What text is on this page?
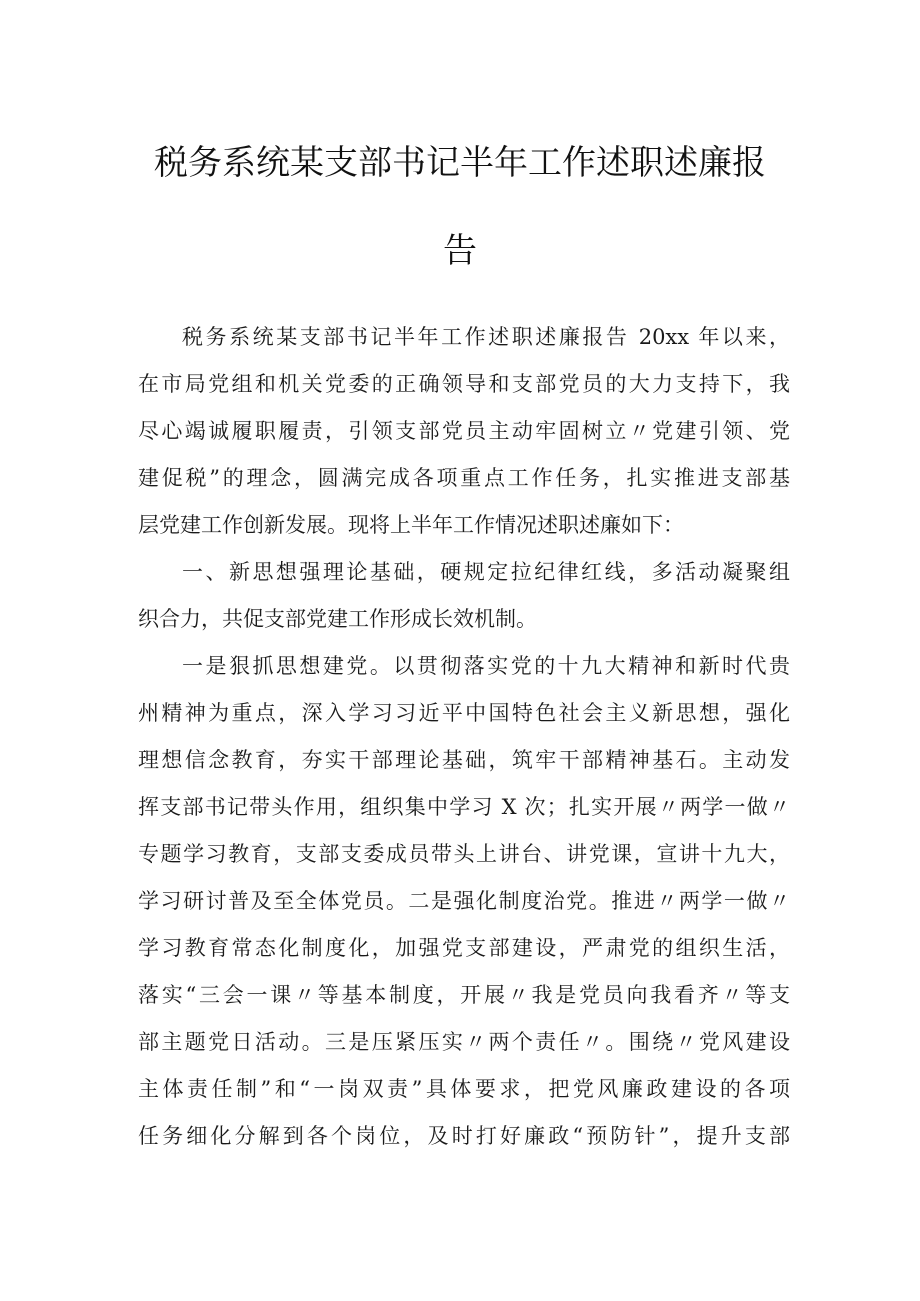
税务系统某支部书记半年工作述职述廉报
告
税务系统某支部书记半年工作述职述廉报告 20xx 年以来，
在市局党组和机关党委的正确领导和支部党员的大力支持下，我
尽心竭诚履职履责，引领支部党员主动牢固树立〃党建引领、党
建促税”的理念，圆满完成各项重点工作任务，扎实推进支部基
层党建工作创新发展。现将上半年工作情况述职述廉如下：
一、新思想强理论基础，硬规定拉纪律红线，多活动凝聚组
织合力，共促支部党建工作形成长效机制。
一是狠抓思想建党。以贯彻落实党的十九大精神和新时代贵
州精神为重点，深入学习习近平中国特色社会主义新思想，强化
理想信念教育，夯实干部理论基础，筑牢干部精神基石。主动发
挥支部书记带头作用，组织集中学习 X 次；扎实开展〃两学一做〃
专题学习教育，支部支委成员带头上讲台、讲党课，宣讲十九大，
学习研讨普及至全体党员。二是强化制度治党。推进〃两学一做〃
学习教育常态化制度化，加强党支部建设，严肃党的组织生活，
落实“三会一课〃等基本制度，开展〃我是党员向我看齐〃等支
部主题党日活动。三是压紧压实〃两个责任〃。围绕〃党风建设
主体责任制”和“一岗双责”具体要求，把党风廉政建设的各项
任务细化分解到各个岗位，及时打好廉政“预防针”，提升支部
